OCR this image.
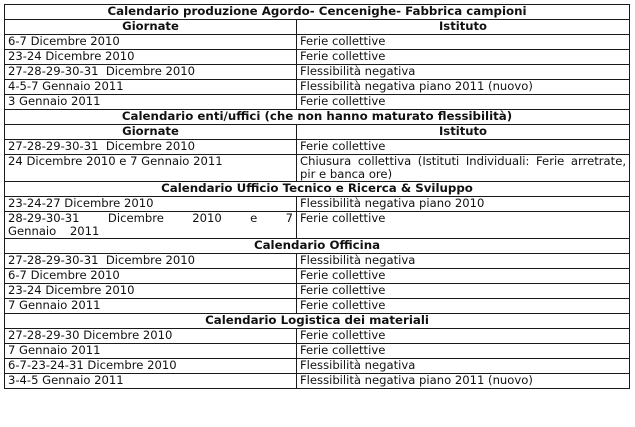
Calendario produzione Agordo- Cencenighe- Fabbrica campioni	
Giornate	Istituto
6-7 Dicembre 2010	Ferie collettive
23-24 Dicembre 2010	Ferie collettive
27-28-29-30-31  Dicembre 2010	Flessibilità negativa
4-5-7 Gennaio 2011	Flessibilità negativa piano 2011 (nuovo)
3 Gennaio 2011	Ferie collettive
Calendario enti/uffici (che non hanno maturato flessibilità)	
Giornate	Istituto
27-28-29-30-31  Dicembre 2010	Ferie collettive
24 Dicembre 2010 e 7 Gennaio 2011	Chiusura collettiva (Istituti Individuali: Ferie arretrate, pir e banca ore)
Calendario Ufficio Tecnico e Ricerca & Sviluppo	
23-24-27 Dicembre 2010	Flessibilità negativa piano 2010
28-29-30-31 Dicembre 2010 e 7 Gennaio 2011	Ferie collettive
Calendario Officina	
27-28-29-30-31  Dicembre 2010	Flessibilità negativa
6-7 Dicembre 2010	Ferie collettive
23-24 Dicembre 2010	Ferie collettive
7 Gennaio 2011	Ferie collettive
Calendario Logistica dei materiali	
27-28-29-30 Dicembre 2010	Ferie collettive
7 Gennaio 2011	Ferie collettive
6-7-23-24-31 Dicembre 2010	Flessibilità negativa
3-4-5 Gennaio 2011	Flessibilità negativa piano 2011 (nuovo)
